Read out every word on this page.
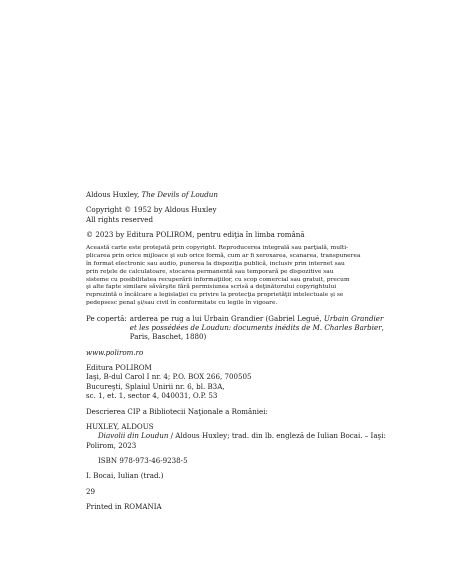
Aldous Huxley, The Devils of Loudun
Copyright © 1952 by Aldous Huxley
All rights reserved
© 2023 by Editura POLIROM, pentru ediţia în limba română
Această carte este protejată prin copyright. Reproducerea integrală sau parţială, multi-
plicarea prin orice mijloace şi sub orice formă, cum ar fi xeroxarea, scanarea, transpunerea
în format electronic sau audio, punerea la dispoziţia publică, inclusiv prin internet sau
prin reţele de calculatoare, stocarea permanentă sau temporară pe dispozitive sau
sisteme cu posibilitatea recuperării informaţiilor, cu scop comercial sau gratuit, precum
şi alte fapte similare săvârşite fără permisiunea scrisă a deţinătorului copyrightului
reprezintă o încălcare a legislaţiei cu privire la protecţia proprietăţii intelectuale şi se
pedepsesc penal şi/sau civil în conformitate cu legile în vigoare.
Pe copertă: arderea pe rug a lui Urbain Grandier (Gabriel Legué, Urbain Grandier
et les possédées de Loudun: documents inédits de M. Charles Barbier,
Paris, Baschet, 1880)
www.polirom.ro
Editura POLIROM
Iaşi, B-dul Carol I nr. 4; P.O. BOX 266, 700505
Bucureşti, Splaiul Unirii nr. 6, bl. B3A,
sc. 1, et. 1, sector 4, 040031, O.P. 53
Descrierea CIP a Bibliotecii Naţionale a României:
HUXLEY, ALDOUS
Diavolii din Loudun / Aldous Huxley; trad. din lb. engleză de Iulian Bocai. – Iaşi:
Polirom, 2023
ISBN 978-973-46-9238-5
I. Bocai, Iulian (trad.)
29
Printed in ROMANIA
